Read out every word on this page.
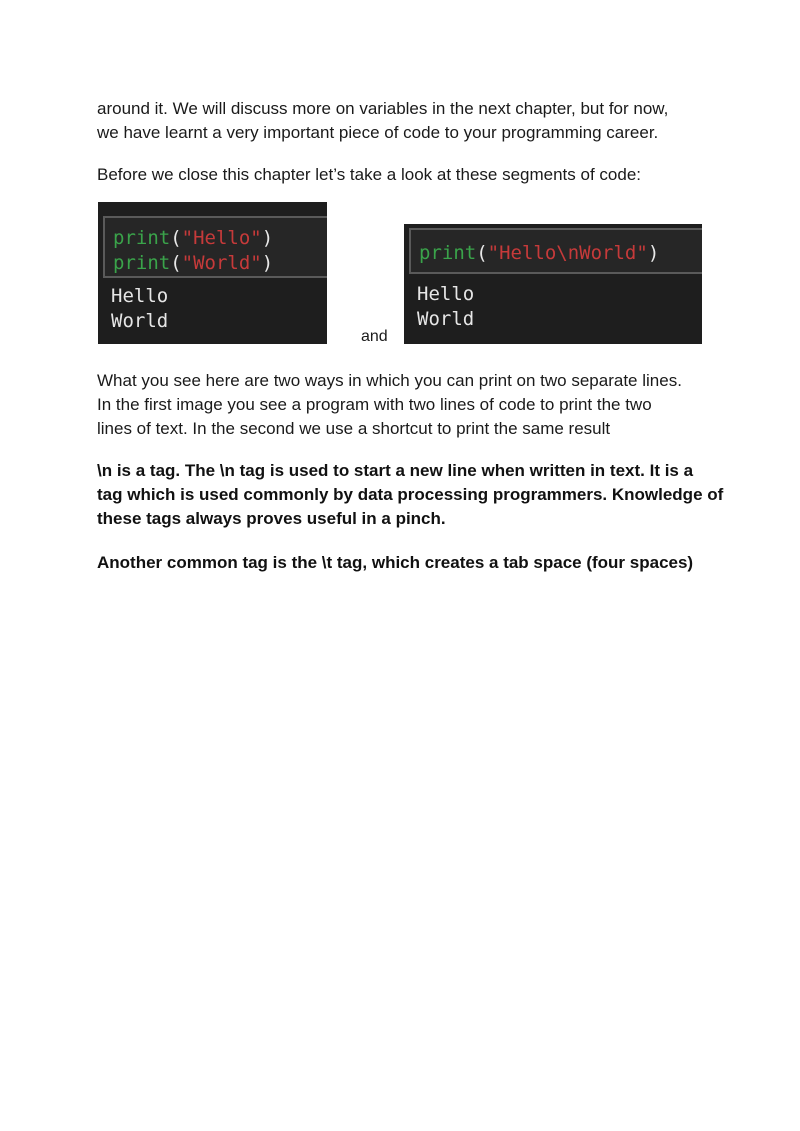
around it. We will discuss more on variables in the next chapter, but for now,
we have learnt a very important piece of code to your programming career.

Before we close this chapter let’s take a look at these segments of code:

print("Hello")
print("World")
Hello
World
and
print("Hello\nWorld")
Hello
World

What you see here are two ways in which you can print on two separate lines.
In the first image you see a program with two lines of code to print the two
lines of text. In the second we use a shortcut to print the same result

\n is a tag. The \n tag is used to start a new line when written in text. It is a
tag which is used commonly by data processing programmers. Knowledge of
these tags always proves useful in a pinch.

Another common tag is the \t tag, which creates a tab space (four spaces)
